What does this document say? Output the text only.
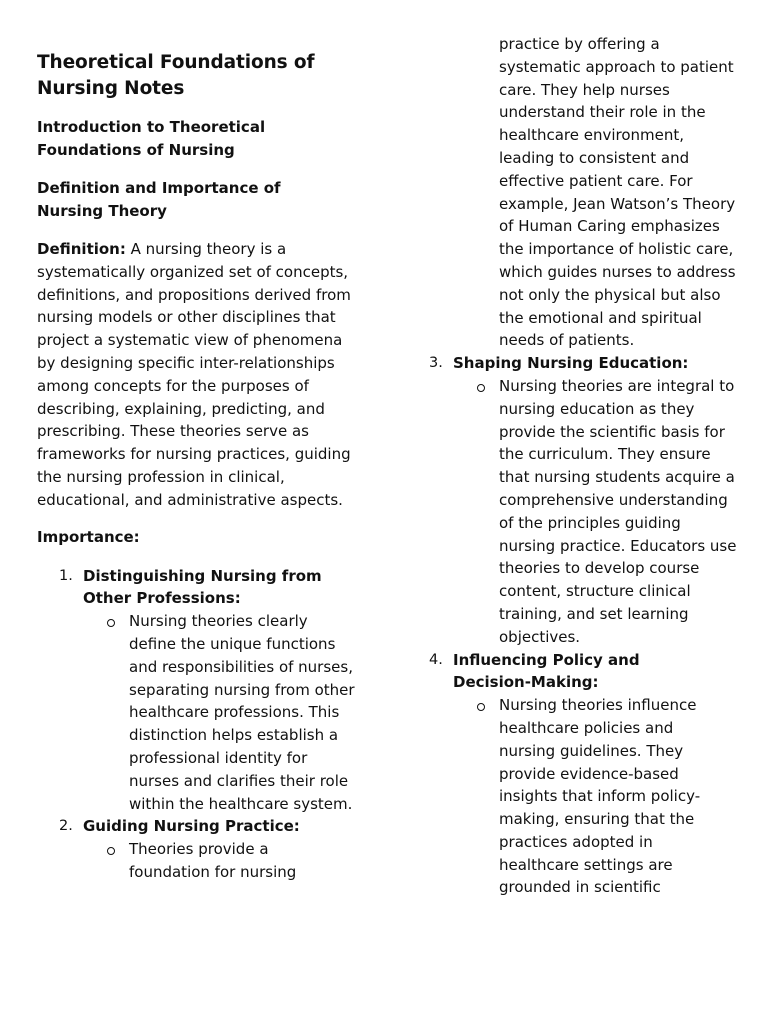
Theoretical Foundations of
Nursing Notes
Introduction to Theoretical Foundations of Nursing
Definition and Importance of Nursing Theory

Definition: A nursing theory is a systematically organized set of concepts, definitions, and propositions derived from nursing models or other disciplines that project a systematic view of phenomena by designing specific inter-relationships among concepts for the purposes of describing, explaining, predicting, and prescribing. These theories serve as frameworks for nursing practices, guiding the nursing profession in clinical, educational, and administrative aspects.

Importance:
1. Distinguishing Nursing from Other Professions:
Nursing theories clearly define the unique functions and responsibilities of nurses, separating nursing from other healthcare professions. This distinction helps establish a professional identity for nurses and clarifies their role within the healthcare system.
2. Guiding Nursing Practice:
Theories provide a foundation for nursing
practice by offering a systematic approach to patient care. They help nurses understand their role in the healthcare environment, leading to consistent and effective patient care. For example, Jean Watson’s Theory of Human Caring emphasizes the importance of holistic care, which guides nurses to address not only the physical but also the emotional and spiritual needs of patients.
3. Shaping Nursing Education:
Nursing theories are integral to nursing education as they provide the scientific basis for the curriculum. They ensure that nursing students acquire a comprehensive understanding of the principles guiding nursing practice. Educators use theories to develop course content, structure clinical training, and set learning objectives.
4. Influencing Policy and Decision-Making:
Nursing theories influence healthcare policies and nursing guidelines. They provide evidence-based insights that inform policy-making, ensuring that the practices adopted in healthcare settings are grounded in scientific
